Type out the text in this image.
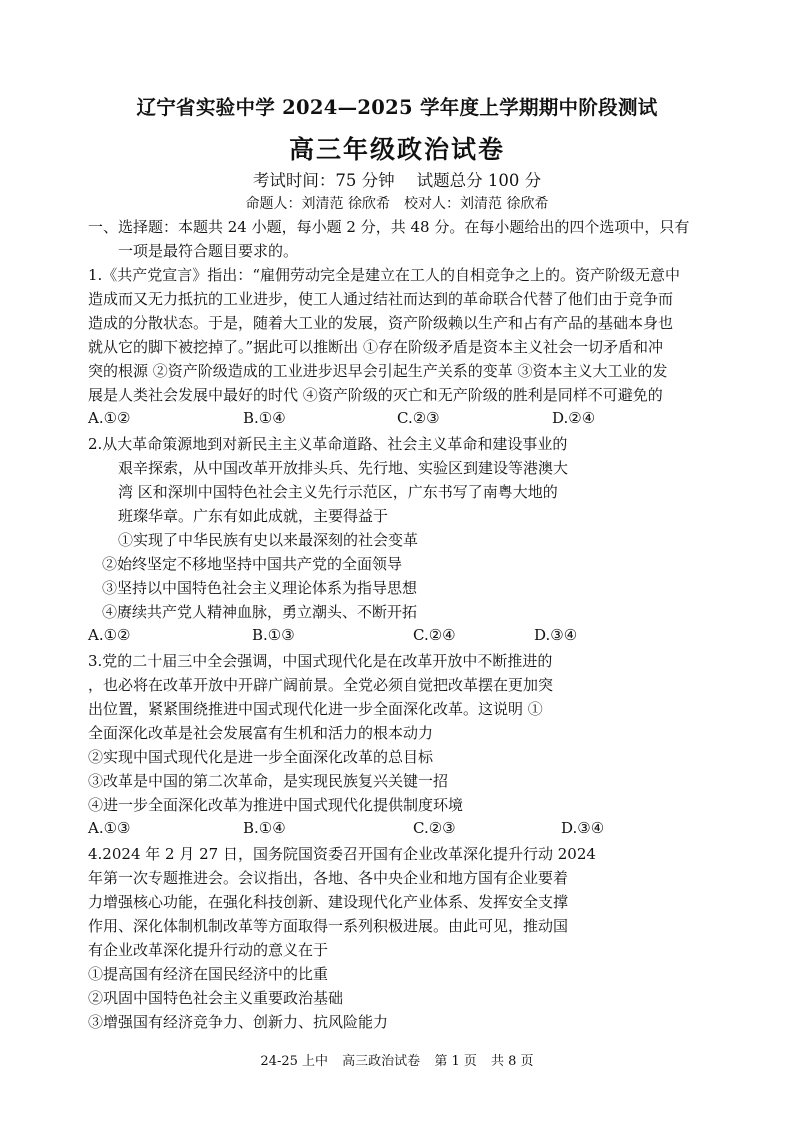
辽宁省实验中学 2024—2025 学年度上学期期中阶段测试
高三年级政治试卷
考试时间：75 分钟 试题总分 100 分
命题人：刘清范 徐欣希 校对人：刘清范 徐欣希
一、选择题：本题共 24 小题，每小题 2 分，共 48 分。在每小题给出的四个选项中，只有
一项是最符合题目要求的。
1.《共产党宣言》指出：“雇佣劳动完全是建立在工人的自相竞争之上的。资产阶级无意中
造成而又无力抵抗的工业进步，使工人通过结社而达到的革命联合代替了他们由于竞争而
造成的分散状态。于是，随着大工业的发展，资产阶级赖以生产和占有产品的基础本身也
就从它的脚下被挖掉了。”据此可以推断出 ①存在阶级矛盾是资本主义社会一切矛盾和冲
突的根源 ②资产阶级造成的工业进步迟早会引起生产关系的变革 ③资本主义大工业的发
展是人类社会发展中最好的时代 ④资产阶级的灭亡和无产阶级的胜利是同样不可避免的
A.①②	B.①④	C.②③	D.②④
2.从大革命策源地到对新民主主义革命道路、社会主义革命和建设事业的
艰辛探索，从中国改革开放排头兵、先行地、实验区到建设等港澳大
湾 区和深圳中国特色社会主义先行示范区，广东书写了南粤大地的
班璨华章。广东有如此成就，主要得益于
①实现了中华民族有史以来最深刻的社会变革
②始终坚定不移地坚持中国共产党的全面领导
③坚持以中国特色社会主义理论体系为指导思想
④赓续共产党人精神血脉，勇立潮头、不断开拓
A.①②	B.①③	C.②④	D.③④
3.党的二十届三中全会强调，中国式现代化是在改革开放中不断推进的
，也必将在改革开放中开辟广阔前景。全党必须自觉把改革摆在更加突
出位置，紧紧围绕推进中国式现代化进一步全面深化改革。这说明 ①
全面深化改革是社会发展富有生机和活力的根本动力
②实现中国式现代化是进一步全面深化改革的总目标
③改革是中国的第二次革命，是实现民族复兴关键一招
④进一步全面深化改革为推进中国式现代化提供制度环境
A.①③	B.①④	C.②③	D.③④
4.2024 年 2 月 27 日，国务院国资委召开国有企业改革深化提升行动 2024
年第一次专题推进会。会议指出，各地、各中央企业和地方国有企业要着
力增强核心功能，在强化科技创新、建设现代化产业体系、发挥安全支撑
作用、深化体制机制改革等方面取得一系列积极进展。由此可见，推动国
有企业改革深化提升行动的意义在于
①提高国有经济在国民经济中的比重
②巩固中国特色社会主义重要政治基础
③增强国有经济竞争力、创新力、抗风险能力
24-25 上中 高三政治试卷 第 1 页 共 8 页
